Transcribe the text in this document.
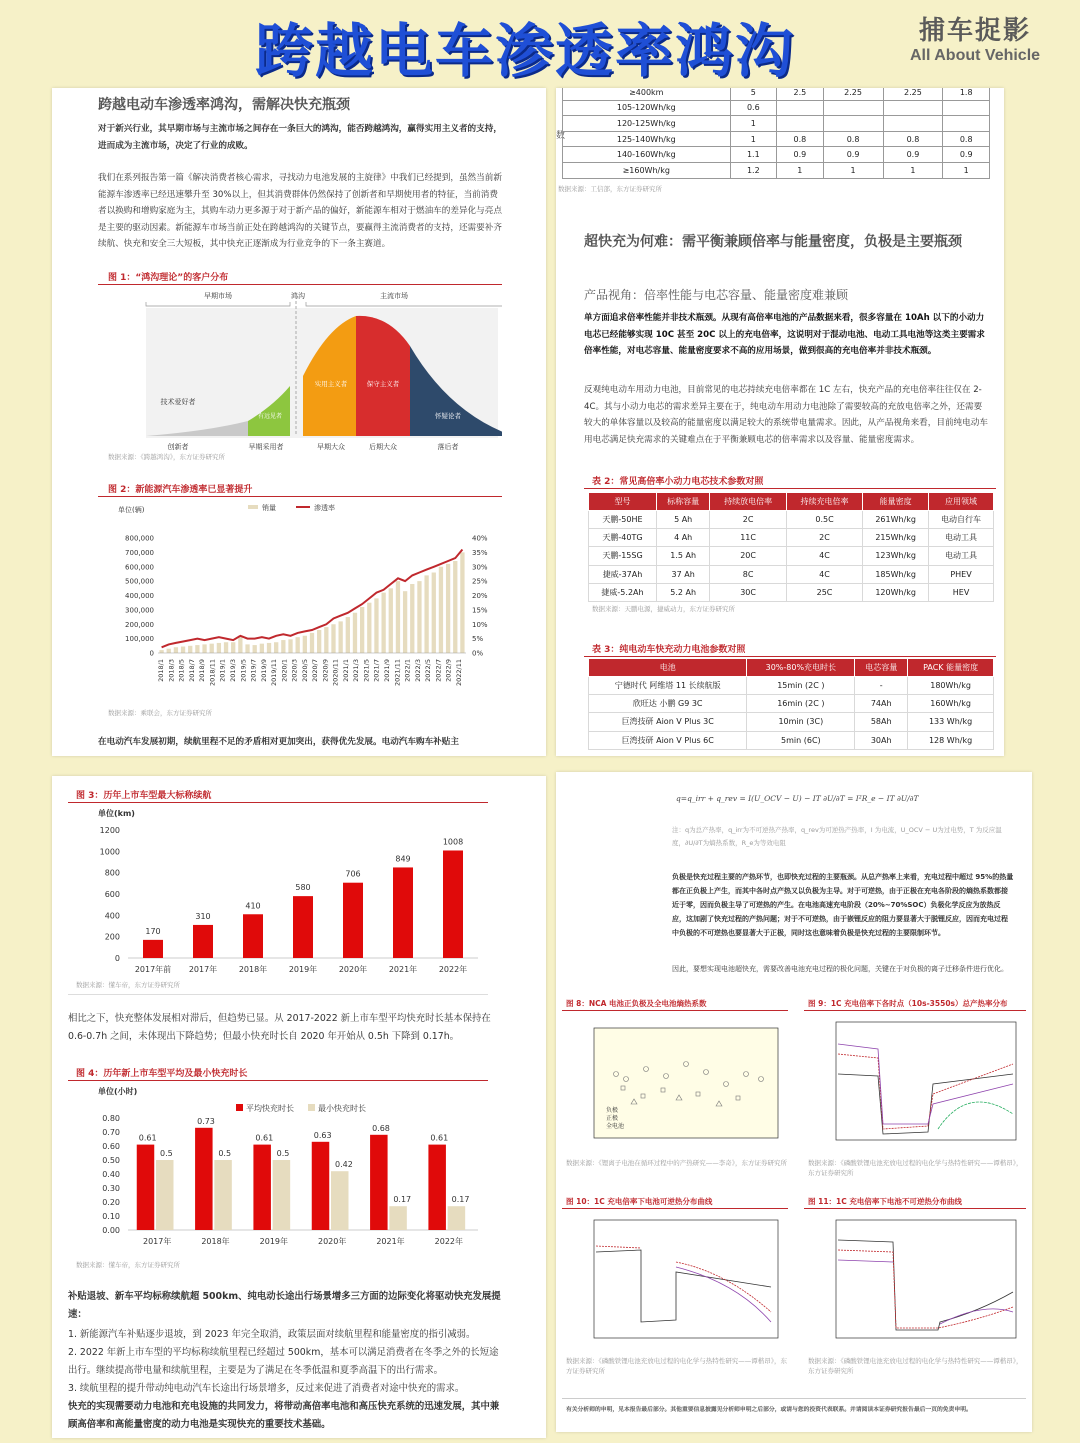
跨越电车渗透率鸿沟	捕车捉影
All About Vehicle
跨越电动车渗透率鸿沟，需解决快充瓶颈
对于新兴行业，其早期市场与主流市场之间存在一条巨大的鸿沟，能否跨越鸿沟，赢得实用主义者的支持，进而成为主流市场，决定了行业的成败。
我们在系列报告第一篇《解决消费者核心需求，寻找动力电池发展的主旋律》中我们已经提到，虽然当前新能源车渗透率已经迅速攀升至 30%以上，但其消费群体仍然保持了创新者和早期使用者的特征，当前消费者以换购和增购家庭为主，其购车动力更多源于对于新产品的偏好，新能源车相对于燃油车的差异化与亮点是主要的驱动因素。新能源车市场当前正处在跨越鸿沟的关键节点，要赢得主流消费者的支持，还需要补齐续航、快充和安全三大短板，其中快充正逐渐成为行业竞争的下一条主赛道。
图 1：“鸿沟理论”的客户分布
早期市场	鸿沟	主流市场
技术爱好者
有远见者
实用主义者	保守主义者
怀疑论者
创新者	早期采用者	早期大众	后期大众	落后者
数据来源：《跨越鸿沟》，东方证券研究所
图 2：新能源汽车渗透率已显著提升
单位(辆)	销量	渗透率
800,000
700,000
600,000
500,000
400,000
300,000
200,000
100,000
0
40%
35%
30%
25%
20%
15%
10%
5%
0%
2018/1 2018/3 2018/5 2018/7 2018/9 2018/11 2019/1 2019/3 2019/5 2019/7 2019/9 2019/11 2020/1 2020/3 2020/5 2020/7 2020/9 2020/11 2021/1 2021/3 2021/5 2021/7 2021/9 2021/11 2022/1 2022/3 2022/5 2022/7 2022/9 2022/11
数据来源：乘联会，东方证券研究所
在电动汽车发展初期，续航里程不足的矛盾相对更加突出，获得优先发展。电动汽车购车补贴主
数
≥400km	5	2.5	2.25	2.25	1.8
105-120Wh/kg	0.6				
120-125Wh/kg	1				
125-140Wh/kg	1	0.8	0.8	0.8	0.8
140-160Wh/kg	1.1	0.9	0.9	0.9	0.9
≥160Wh/kg	1.2	1	1	1	1
数据来源：工信部，东方证券研究所
超快充为何难：需平衡兼顾倍率与能量密度，负极是主要瓶颈
产品视角：倍率性能与电芯容量、能量密度难兼顾
单方面追求倍率性能并非技术瓶颈。从现有高倍率电池的产品数据来看，很多容量在 10Ah 以下的小动力电芯已经能够实现 10C 甚至 20C 以上的充电倍率，这说明对于混动电池、电动工具电池等这类主要需求倍率性能，对电芯容量、能量密度要求不高的应用场景，做到很高的充电倍率并非技术瓶颈。
反观纯电动车用动力电池，目前常见的电芯持续充电倍率都在 1C 左右，快充产品的充电倍率往往仅在 2-4C。其与小动力电芯的需求差异主要在于，纯电动车用动力电池除了需要较高的充放电倍率之外，还需要较大的单体容量以及较高的能量密度以满足较大的系统带电量需求。因此，从产品视角来看，目前纯电动车用电芯满足快充需求的关键难点在于平衡兼顾电芯的倍率需求以及容量、能量密度需求。
表 2：常见高倍率小动力电芯技术参数对照
型号	标称容量	持续放电倍率	持续充电倍率	能量密度	应用领域
天鹏-50HE	5 Ah	2C	0.5C	261Wh/kg	电动自行车
天鹏-40TG	4 Ah	11C	2C	215Wh/kg	电动工具
天鹏-15SG	1.5 Ah	20C	4C	123Wh/kg	电动工具
捷威-37Ah	37 Ah	8C	4C	185Wh/kg	PHEV
捷威-5.2Ah	5.2 Ah	30C	25C	120Wh/kg	HEV
数据来源：天鹏电源，捷威动力，东方证券研究所
表 3：纯电动车快充动力电池参数对照
电池	30%-80%充电时长	电芯容量	PACK 能量密度
宁德时代 阿维塔 11 长续航版	15min (2C )	-	180Wh/kg
欣旺达 小鹏 G9 3C	16min (2C )	74Ah	160Wh/kg
巨湾技研 Aion V Plus 3C	10min (3C)	58Ah	133 Wh/kg
巨湾技研 Aion V Plus 6C	5min (6C)	30Ah	128 Wh/kg
图 3：历年上市车型最大标称续航
单位(km)
1200
1000
800
600
400
200
0
170
2017年前
310
2017年
410
2018年
580
2019年
706
2020年
849
2021年
1008
2022年
数据来源：懂车帝，东方证券研究所
相比之下，快充整体发展相对滞后，但趋势已显。从 2017-2022 新上市车型平均快充时长基本保持在 0.6-0.7h 之间，未体现出下降趋势；但最小快充时长自 2020 年开始从 0.5h 下降到 0.17h。
图 4：历年新上市车型平均及最小快充时长
单位(小时)
平均快充时长	最小快充时长
0.80
0.70
0.60
0.50
0.40
0.30
0.20
0.10
0.00
0.61
0.5
2017年
0.73
0.5
2018年
0.61
0.5
2019年
0.63
0.42
2020年
0.68
0.17
2021年
0.61
0.17
2022年
数据来源：懂车帝，东方证券研究所
补贴退坡、新车平均标称续航超 500km、纯电动长途出行场景增多三方面的边际变化将驱动快充发展提速：
1. 新能源汽车补贴逐步退坡，到 2023 年完全取消，政策层面对续航里程和能量密度的指引减弱。
2. 2022 年新上市车型的平均标称续航里程已经超过 500km，基本可以满足消费者在冬季之外的长短途出行。继续提高带电量和续航里程，主要是为了满足在冬季低温和夏季高温下的出行需求。
3. 续航里程的提升带动纯电动汽车长途出行场景增多，反过来促进了消费者对途中快充的需求。
快充的实现需要动力电池和充电设施的共同发力，将带动高倍率电池和高压快充系统的迅速发展，其中兼顾高倍率和高能量密度的动力电池是实现快充的重要技术基础。
q=q_irr + q_rev = I(U_OCV − U) − IT ∂U/∂T = I²R_e − IT ∂U/∂T
注：q为总产热率，q_irr为不可逆热产热率，q_rev为可逆热产热率，I 为电流，U_OCV − U为过电势，T 为反应温度，∂U/∂T为熵热系数，R_e为等效电阻
负极是快充过程主要的产热环节，也即快充过程的主要瓶颈。从总产热率上来看，充电过程中超过 95%的热量都在正负极上产生，而其中各时点产热又以负极为主导。对于可逆热，由于正极在充电各阶段的熵热系数都接近于零，因而负极主导了可逆热的产生。在电池高速充电阶段（20%~70%SOC）负极化学反应为放热反应，这加剧了快充过程的产热问题；对于不可逆热，由于嵌锂反应的阻力要显著大于脱锂反应，因而充电过程中负极的不可逆热也要显著大于正极，同时这也意味着负极是快充过程的主要限制环节。
因此，要想实现电池超快充，需要改善电池充电过程的极化问题，关键在于对负极的离子迁移条件进行优化。
图 8：NCA 电池正负极及全电池熵热系数
负极
正极
全电池
数据来源：《锂离子电池在循环过程中的产热研究——李奇》，东方证券研究所
图 9：1C 充电倍率下各时点（10s-3550s）总产热率分布
数据来源：《磷酸铁锂电池充放电过程的电化学与热特性研究——谭楷昂》，东方证券研究所
图 10：1C 充电倍率下电池可逆热分布曲线
数据来源：《磷酸铁锂电池充放电过程的电化学与热特性研究——谭楷昂》，东方证券研究所
图 11：1C 充电倍率下电池不可逆热分布曲线
数据来源：《磷酸铁锂电池充放电过程的电化学与热特性研究——谭楷昂》，东方证券研究所
有关分析师的申明，见本报告最后部分。其他重要信息披露见分析师申明之后部分，或请与您的投资代表联系。并请阅读本证券研究报告最后一页的免责申明。
